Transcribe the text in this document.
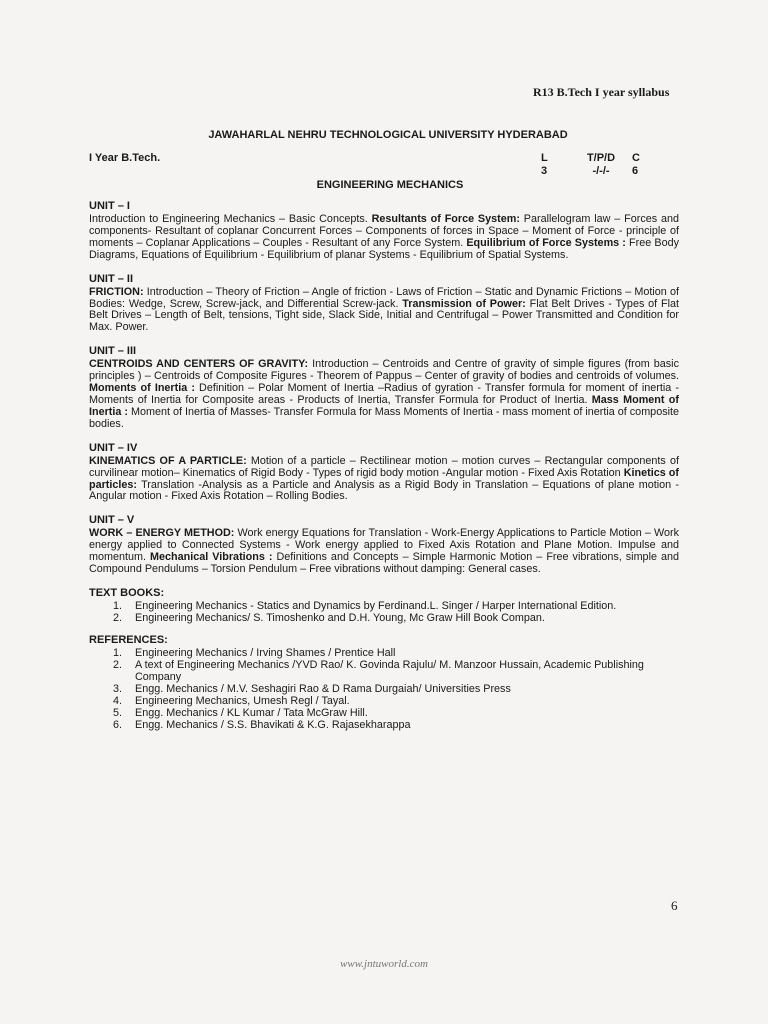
R13 B.Tech I year syllabus
JAWAHARLAL NEHRU TECHNOLOGICAL UNIVERSITY HYDERABAD
I Year B.Tech.	L
3
T/P/D
-/-/-
C
6
ENGINEERING MECHANICS
UNIT – I
Introduction to Engineering Mechanics – Basic Concepts. Resultants of Force System: Parallelogram law – Forces and components- Resultant of coplanar Concurrent Forces – Components of forces in Space – Moment of Force - principle of moments – Coplanar Applications – Couples - Resultant of any Force System. Equilibrium of Force Systems : Free Body Diagrams, Equations of Equilibrium - Equilibrium of planar Systems - Equilibrium of Spatial Systems.
UNIT – II
FRICTION: Introduction – Theory of Friction – Angle of friction - Laws of Friction – Static and Dynamic Frictions – Motion of Bodies: Wedge, Screw, Screw-jack, and Differential Screw-jack. Transmission of Power: Flat Belt Drives - Types of Flat Belt Drives – Length of Belt, tensions, Tight side, Slack Side, Initial and Centrifugal – Power Transmitted and Condition for Max. Power.
UNIT – III
CENTROIDS AND CENTERS OF GRAVITY: Introduction – Centroids and Centre of gravity of simple figures (from basic principles ) – Centroids of Composite Figures - Theorem of Pappus – Center of gravity of bodies and centroids of volumes. Moments of Inertia : Definition – Polar Moment of Inertia –Radius of gyration - Transfer formula for moment of inertia - Moments of Inertia for Composite areas - Products of Inertia, Transfer Formula for Product of Inertia. Mass Moment of Inertia : Moment of Inertia of Masses- Transfer Formula for Mass Moments of Inertia - mass moment of inertia of composite bodies.
UNIT – IV
KINEMATICS OF A PARTICLE: Motion of a particle – Rectilinear motion – motion curves – Rectangular components of curvilinear motion– Kinematics of Rigid Body - Types of rigid body motion -Angular motion - Fixed Axis Rotation Kinetics of particles: Translation -Analysis as a Particle and Analysis as a Rigid Body in Translation – Equations of plane motion - Angular motion - Fixed Axis Rotation – Rolling Bodies.
UNIT – V
WORK – ENERGY METHOD: Work energy Equations for Translation - Work-Energy Applications to Particle Motion – Work energy applied to Connected Systems - Work energy applied to Fixed Axis Rotation and Plane Motion. Impulse and momentum. Mechanical Vibrations : Definitions and Concepts – Simple Harmonic Motion – Free vibrations, simple and Compound Pendulums – Torsion Pendulum – Free vibrations without damping: General cases.
TEXT BOOKS:
1. Engineering Mechanics - Statics and Dynamics by Ferdinand.L. Singer / Harper International Edition.
2. Engineering Mechanics/ S. Timoshenko and D.H. Young, Mc Graw Hill Book Compan.
REFERENCES:
1. Engineering Mechanics / Irving Shames / Prentice Hall
2. A text of Engineering Mechanics /YVD Rao/ K. Govinda Rajulu/ M. Manzoor Hussain, Academic Publishing Company
3. Engg. Mechanics / M.V. Seshagiri Rao & D Rama Durgaiah/ Universities Press
4. Engineering Mechanics, Umesh Regl / Tayal.
5. Engg. Mechanics / KL Kumar / Tata McGraw Hill.
6. Engg. Mechanics / S.S. Bhavikati & K.G. Rajasekharappa
6
www.jntuworld.com
